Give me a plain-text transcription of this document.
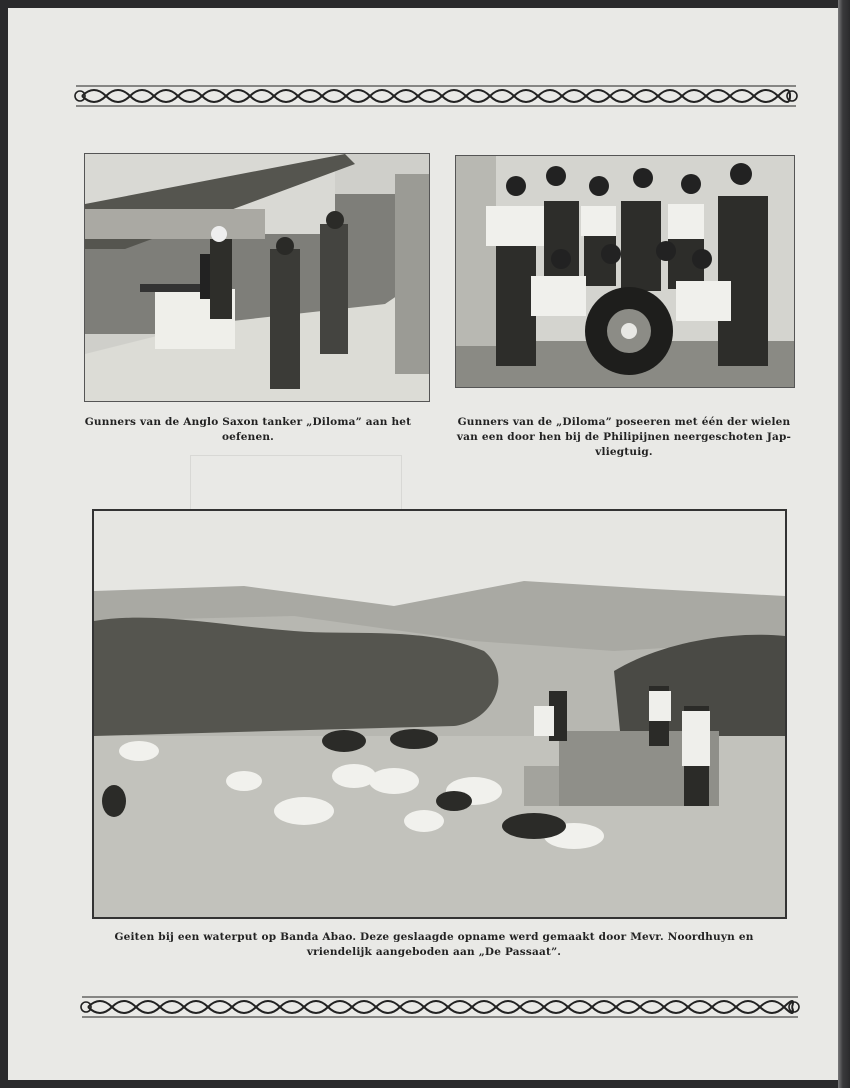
Gunners van de Anglo Saxon tanker „Diloma” aan het oefenen.
Gunners van de „Diloma” poseeren met één der wielen van een door hen bij de Philipijnen neergeschoten Jap-vliegtuig.
Geiten bij een waterput op Banda Abao. Deze geslaagde opname werd gemaakt door Mevr. Noordhuyn en vriendelijk aangeboden aan „De Passaat”.
